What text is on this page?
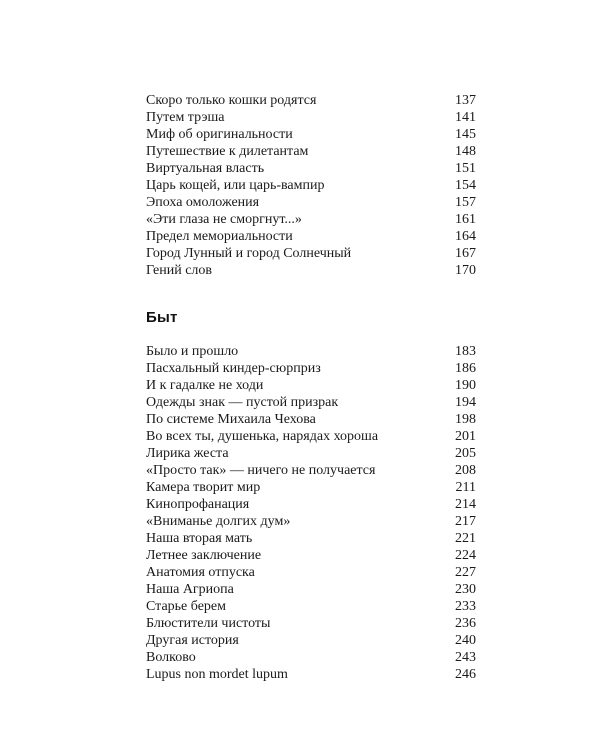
Скоро только кошки родятся	137
Путем трэша	141
Миф об оригинальности	145
Путешествие к дилетантам	148
Виртуальная власть	151
Царь кощей, или царь-вампир	154
Эпоха омоложения	157
«Эти глаза не сморгнут...»	161
Предел мемориальности	164
Город Лунный и город Солнечный	167
Гений слов	170
Быт
Было и прошло	183
Пасхальный киндер-сюрприз	186
И к гадалке не ходи	190
Одежды знак — пустой призрак	194
По системе Михаила Чехова	198
Во всех ты, душенька, нарядах хороша	201
Лирика жеста	205
«Просто так» — ничего не получается	208
Камера творит мир	211
Кинопрофанация	214
«Вниманье долгих дум»	217
Наша вторая мать	221
Летнее заключение	224
Анатомия отпуска	227
Наша Агриопа	230
Старье берем	233
Блюстители чистоты	236
Другая история	240
Волково	243
Lupus non mordet lupum	246
